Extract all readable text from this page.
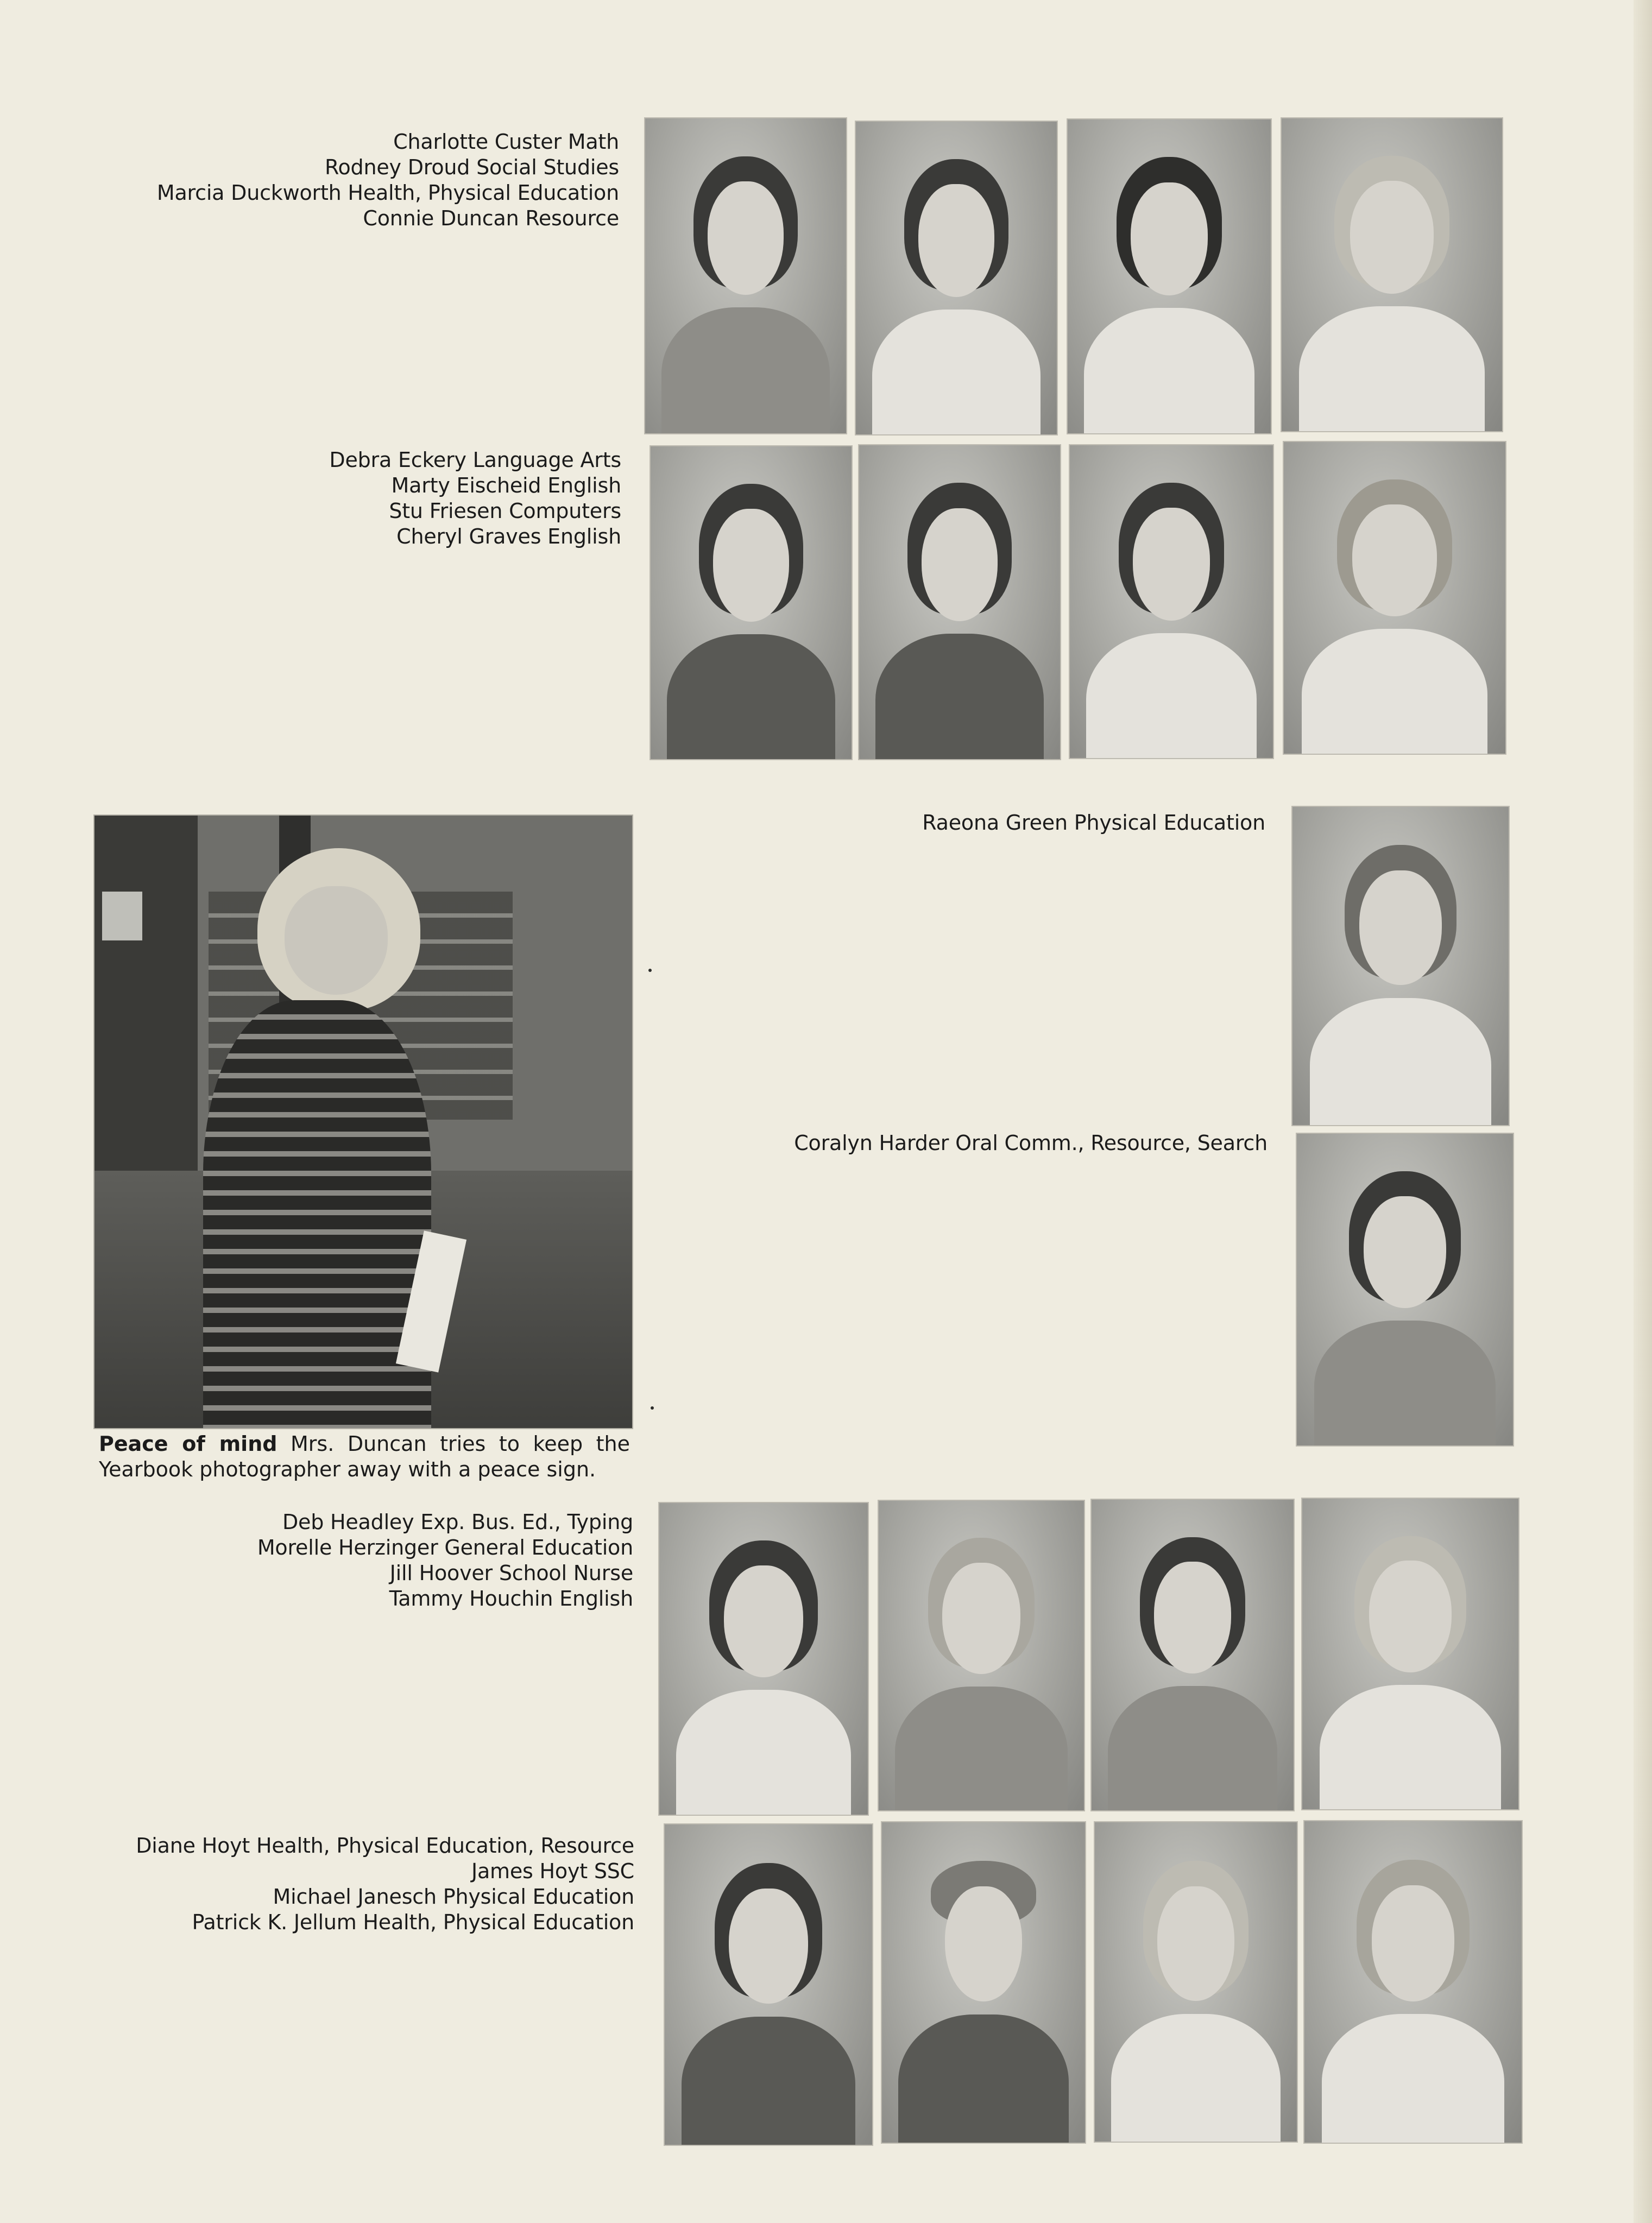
Charlotte Custer Math
Rodney Droud Social Studies
Marcia Duckworth Health, Physical Education
Connie Duncan Resource
Debra Eckery Language Arts
Marty Eischeid English
Stu Friesen Computers
Cheryl Graves English

Peace of mind Mrs. Duncan tries to keep the Yearbook photographer away with a peace sign.

Raeona Green Physical Education
Coralyn Harder Oral Comm., Resource, Search
Deb Headley Exp. Bus. Ed., Typing
Morelle Herzinger General Education
Jill Hoover School Nurse
Tammy Houchin English
Diane Hoyt Health, Physical Education, Resource
James Hoyt SSC
Michael Janesch Physical Education
Patrick K. Jellum Health, Physical Education
